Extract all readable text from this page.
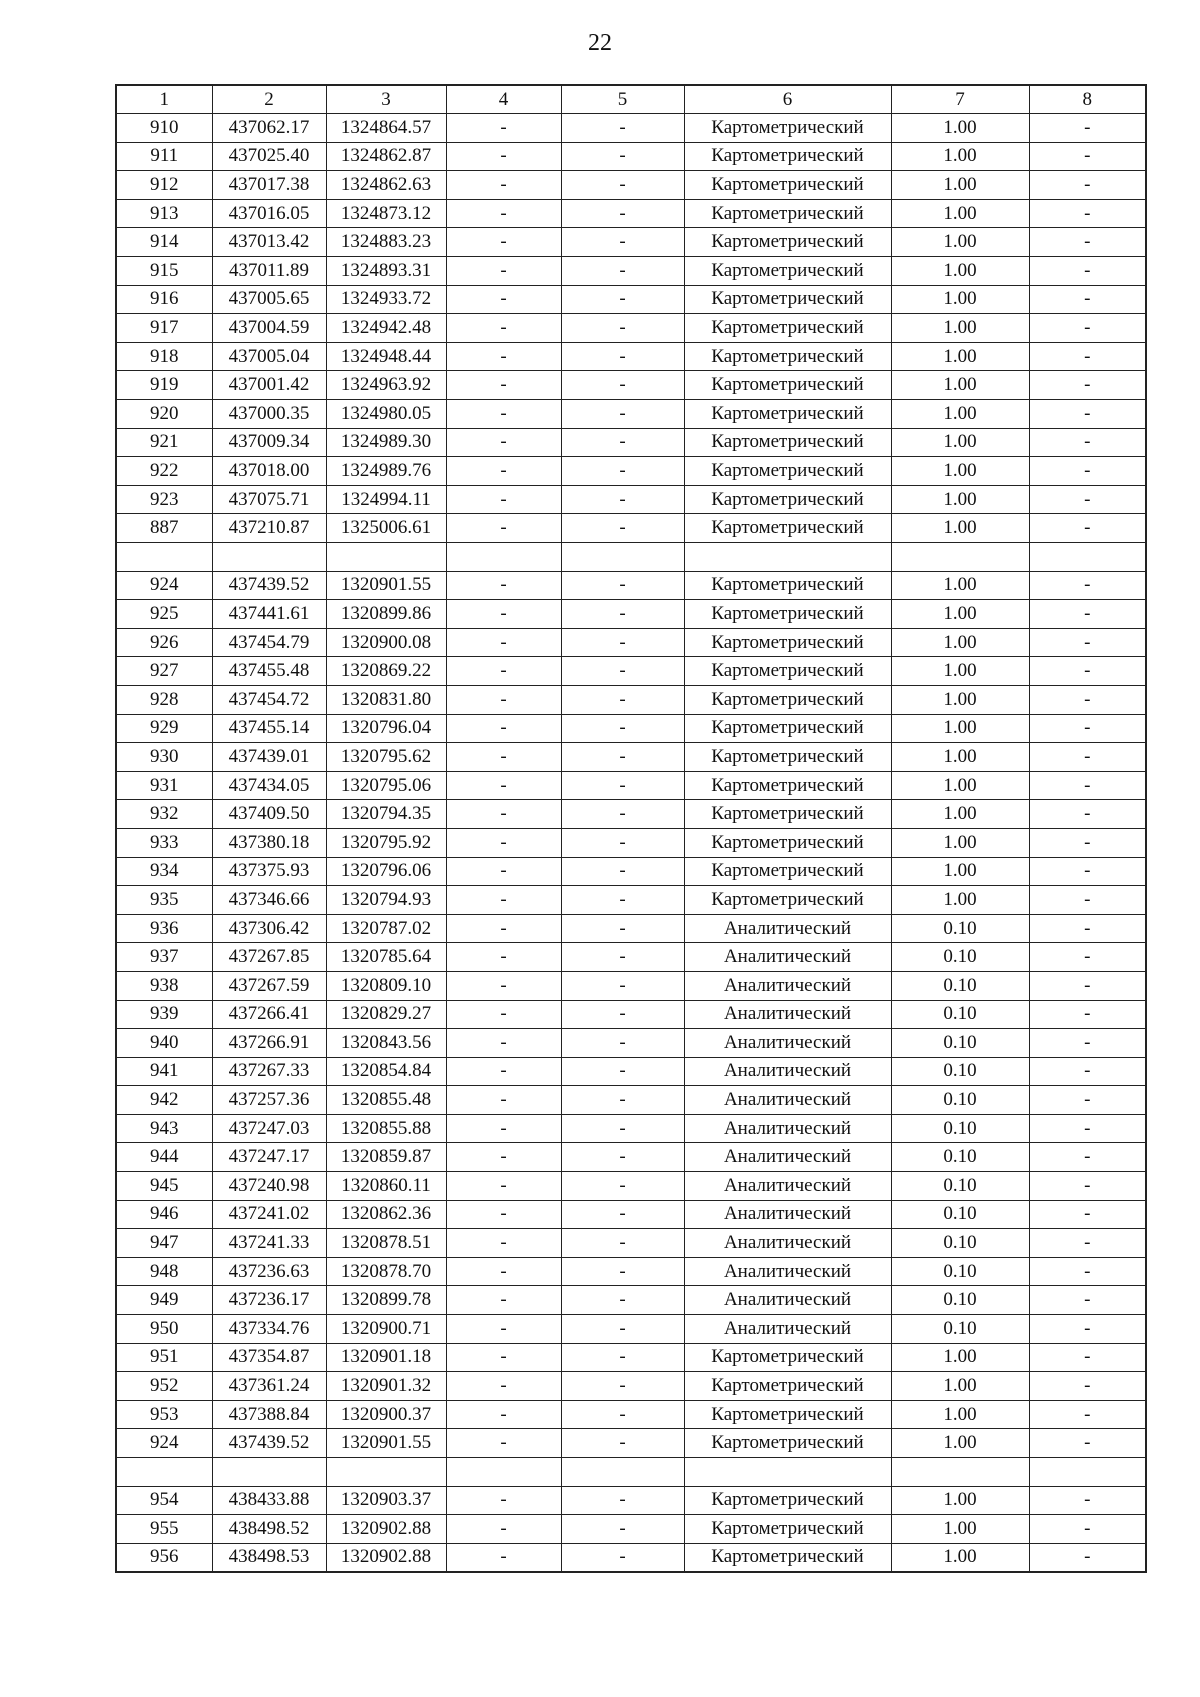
22
1	2	3	4	5	6	7	8
910	437062.17	1324864.57	-	-	Картометрический	1.00	-
911	437025.40	1324862.87	-	-	Картометрический	1.00	-
912	437017.38	1324862.63	-	-	Картометрический	1.00	-
913	437016.05	1324873.12	-	-	Картометрический	1.00	-
914	437013.42	1324883.23	-	-	Картометрический	1.00	-
915	437011.89	1324893.31	-	-	Картометрический	1.00	-
916	437005.65	1324933.72	-	-	Картометрический	1.00	-
917	437004.59	1324942.48	-	-	Картометрический	1.00	-
918	437005.04	1324948.44	-	-	Картометрический	1.00	-
919	437001.42	1324963.92	-	-	Картометрический	1.00	-
920	437000.35	1324980.05	-	-	Картометрический	1.00	-
921	437009.34	1324989.30	-	-	Картометрический	1.00	-
922	437018.00	1324989.76	-	-	Картометрический	1.00	-
923	437075.71	1324994.11	-	-	Картометрический	1.00	-
887	437210.87	1325006.61	-	-	Картометрический	1.00	-

924	437439.52	1320901.55	-	-	Картометрический	1.00	-
925	437441.61	1320899.86	-	-	Картометрический	1.00	-
926	437454.79	1320900.08	-	-	Картометрический	1.00	-
927	437455.48	1320869.22	-	-	Картометрический	1.00	-
928	437454.72	1320831.80	-	-	Картометрический	1.00	-
929	437455.14	1320796.04	-	-	Картометрический	1.00	-
930	437439.01	1320795.62	-	-	Картометрический	1.00	-
931	437434.05	1320795.06	-	-	Картометрический	1.00	-
932	437409.50	1320794.35	-	-	Картометрический	1.00	-
933	437380.18	1320795.92	-	-	Картометрический	1.00	-
934	437375.93	1320796.06	-	-	Картометрический	1.00	-
935	437346.66	1320794.93	-	-	Картометрический	1.00	-
936	437306.42	1320787.02	-	-	Аналитический	0.10	-
937	437267.85	1320785.64	-	-	Аналитический	0.10	-
938	437267.59	1320809.10	-	-	Аналитический	0.10	-
939	437266.41	1320829.27	-	-	Аналитический	0.10	-
940	437266.91	1320843.56	-	-	Аналитический	0.10	-
941	437267.33	1320854.84	-	-	Аналитический	0.10	-
942	437257.36	1320855.48	-	-	Аналитический	0.10	-
943	437247.03	1320855.88	-	-	Аналитический	0.10	-
944	437247.17	1320859.87	-	-	Аналитический	0.10	-
945	437240.98	1320860.11	-	-	Аналитический	0.10	-
946	437241.02	1320862.36	-	-	Аналитический	0.10	-
947	437241.33	1320878.51	-	-	Аналитический	0.10	-
948	437236.63	1320878.70	-	-	Аналитический	0.10	-
949	437236.17	1320899.78	-	-	Аналитический	0.10	-
950	437334.76	1320900.71	-	-	Аналитический	0.10	-
951	437354.87	1320901.18	-	-	Картометрический	1.00	-
952	437361.24	1320901.32	-	-	Картометрический	1.00	-
953	437388.84	1320900.37	-	-	Картометрический	1.00	-
924	437439.52	1320901.55	-	-	Картометрический	1.00	-

954	438433.88	1320903.37	-	-	Картометрический	1.00	-
955	438498.52	1320902.88	-	-	Картометрический	1.00	-
956	438498.53	1320902.88	-	-	Картометрический	1.00	-
